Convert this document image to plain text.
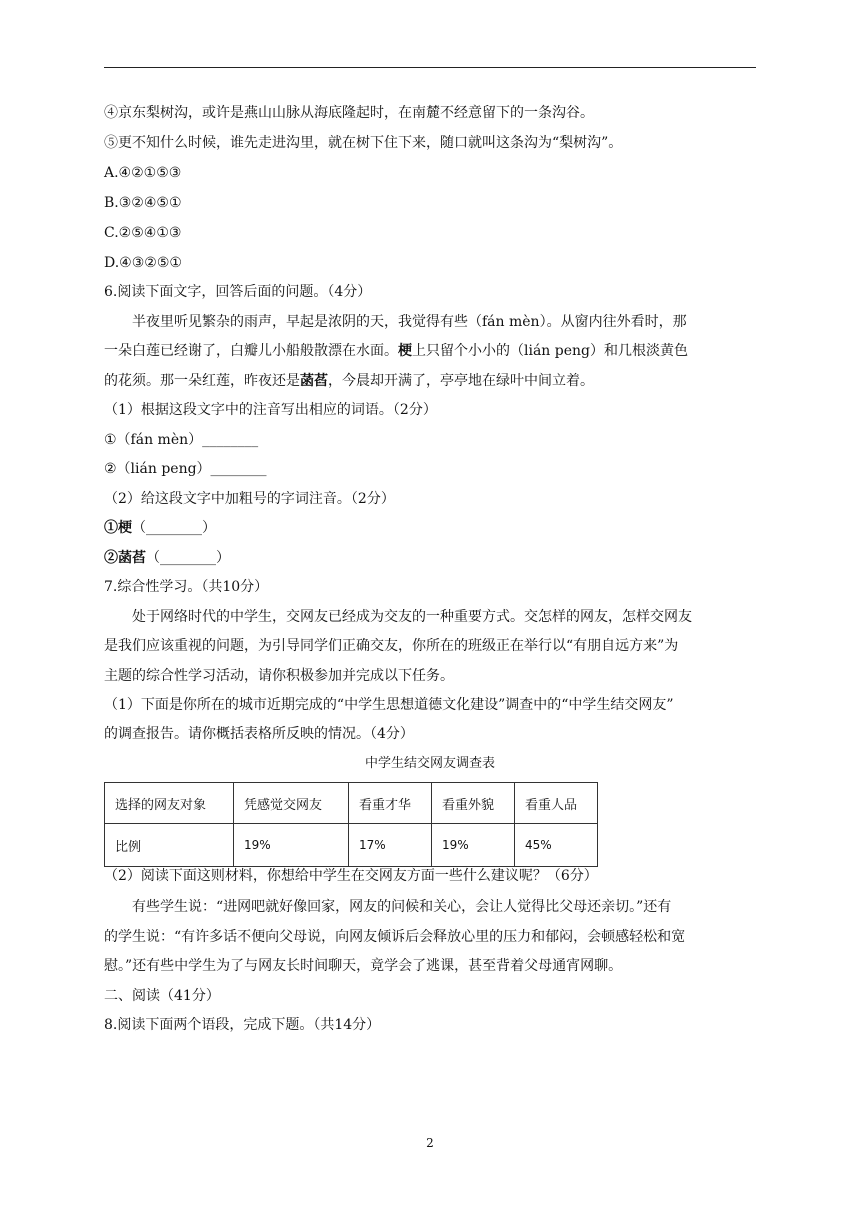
④京东梨树沟，或许是燕山山脉从海底隆起时，在南麓不经意留下的一条沟谷。
⑤更不知什么时候，谁先走进沟里，就在树下住下来，随口就叫这条沟为“梨树沟”。
A.④②①⑤③
B.③②④⑤①
C.②⑤④①③
D.④③②⑤①
6.阅读下面文字，回答后面的问题。（4分）
半夜里听见繁杂的雨声，早起是浓阴的天，我觉得有些（fán mèn）。从窗内往外看时，那
一朵白莲已经谢了，白瓣儿小船般散漂在水面。梗上只留个小小的（lián peng）和几根淡黄色
的花须。那一朵红莲，昨夜还是菡萏，今晨却开满了，亭亭地在绿叶中间立着。
（1）根据这段文字中的注音写出相应的词语。（2分）
①（fán mèn）________
②（lián peng）________
（2）给这段文字中加粗号的字词注音。（2分）
①梗（________）
②菡萏（________）
7.综合性学习。（共10分）
处于网络时代的中学生，交网友已经成为交友的一种重要方式。交怎样的网友，怎样交网友
是我们应该重视的问题，为引导同学们正确交友，你所在的班级正在举行以“有朋自远方来”为
主题的综合性学习活动，请你积极参加并完成以下任务。
（1）下面是你所在的城市近期完成的“中学生思想道德文化建设”调查中的“中学生结交网友”
的调查报告。请你概括表格所反映的情况。（4分）
中学生结交网友调查表
选择的网友对象	凭感觉交网友	看重才华	看重外貌	看重人品
比例	19%	17%	19%	45%
（2）阅读下面这则材料，你想给中学生在交网友方面一些什么建议呢？（6分）
有些学生说：“进网吧就好像回家，网友的问候和关心，会让人觉得比父母还亲切。”还有
的学生说：“有许多话不便向父母说，向网友倾诉后会释放心里的压力和郁闷，会顿感轻松和宽
慰。”还有些中学生为了与网友长时间聊天，竟学会了逃课，甚至背着父母通宵网聊。
二、阅读（41分）
8.阅读下面两个语段，完成下题。（共14分）
2
